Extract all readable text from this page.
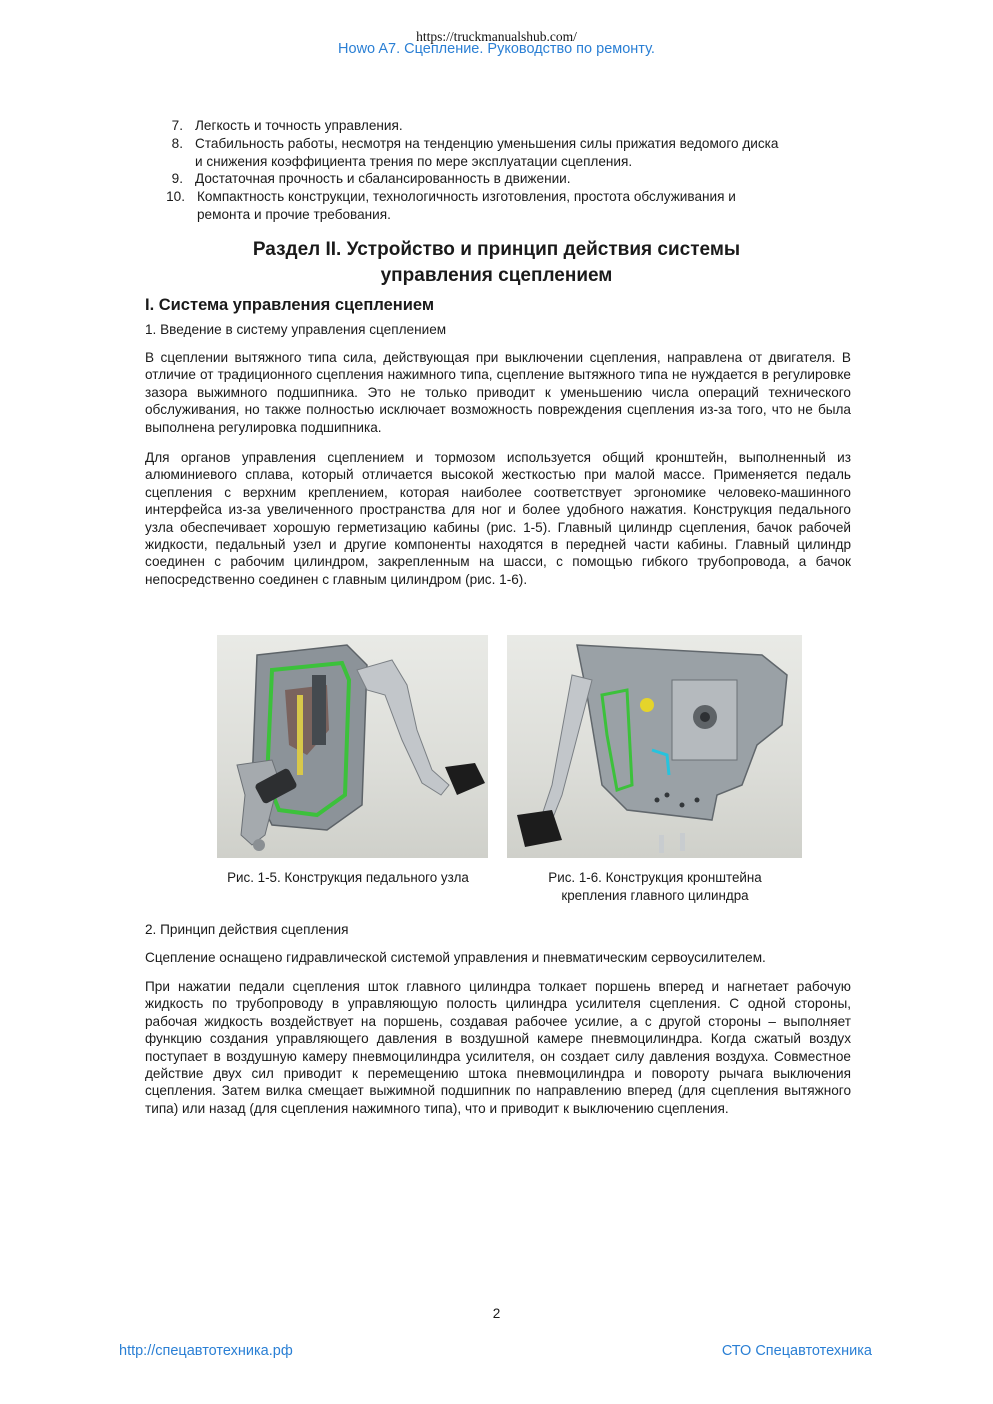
https://truckmanualshub.com/
Howo A7. Сцепление. Руководство по ремонту.
7. Легкость и точность управления.
8. Стабильность работы, несмотря на тенденцию уменьшения силы прижатия ведомого диска
и снижения коэффициента трения по мере эксплуатации сцепления.
9. Достаточная прочность и сбалансированность в движении.
10. Компактность конструкции, технологичность изготовления, простота обслуживания и
ремонта и прочие требования.
Раздел II. Устройство и принцип действия системы
управления сцеплением
I. Система управления сцеплением
1. Введение в систему управления сцеплением

В сцеплении вытяжного типа сила, действующая при выключении сцепления, направлена от двигателя. В отличие от традиционного сцепления нажимного типа, сцепление вытяжного типа не нуждается в регулировке зазора выжимного подшипника. Это не только приводит к уменьшению числа операций технического обслуживания, но также полностью исключает возможность повреждения сцепления из-за того, что не была выполнена регулировка подшипника.

Для органов управления сцеплением и тормозом используется общий кронштейн, выполненный из алюминиевого сплава, который отличается высокой жесткостью при малой массе. Применяется педаль сцепления с верхним креплением, которая наиболее соответствует эргономике человеко-машинного интерфейса из-за увеличенного пространства для ног и более удобного нажатия. Конструкция педального узла обеспечивает хорошую герметизацию кабины (рис. 1-5). Главный цилиндр сцепления, бачок рабочей жидкости, педальный узел и другие компоненты находятся в передней части кабины. Главный цилиндр соединен с рабочим цилиндром, закрепленным на шасси, с помощью гибкого трубопровода, а бачок непосредственно соединен с главным цилиндром (рис. 1-6).

Рис. 1-5. Конструкция педального узла	Рис. 1-6. Конструкция кронштейна
крепления главного цилиндра
2. Принцип действия сцепления

Сцепление оснащено гидравлической системой управления и пневматическим сервоусилителем.

При нажатии педали сцепления шток главного цилиндра толкает поршень вперед и нагнетает рабочую жидкость по трубопроводу в управляющую полость цилиндра усилителя сцепления. С одной стороны, рабочая жидкость воздействует на поршень, создавая рабочее усилие, а с другой стороны – выполняет функцию создания управляющего давления в воздушной камере пневмоцилиндра. Когда сжатый воздух поступает в воздушную камеру пневмоцилиндра усилителя, он создает силу давления воздуха. Совместное действие двух сил приводит к перемещению штока пневмоцилиндра и повороту рычага выключения сцепления. Затем вилка смещает выжимной подшипник по направлению вперед (для сцепления вытяжного типа) или назад (для сцепления нажимного типа), что и приводит к выключению сцепления.

2
http://спецавтотехника.рф	СТО Спецавтотехника
